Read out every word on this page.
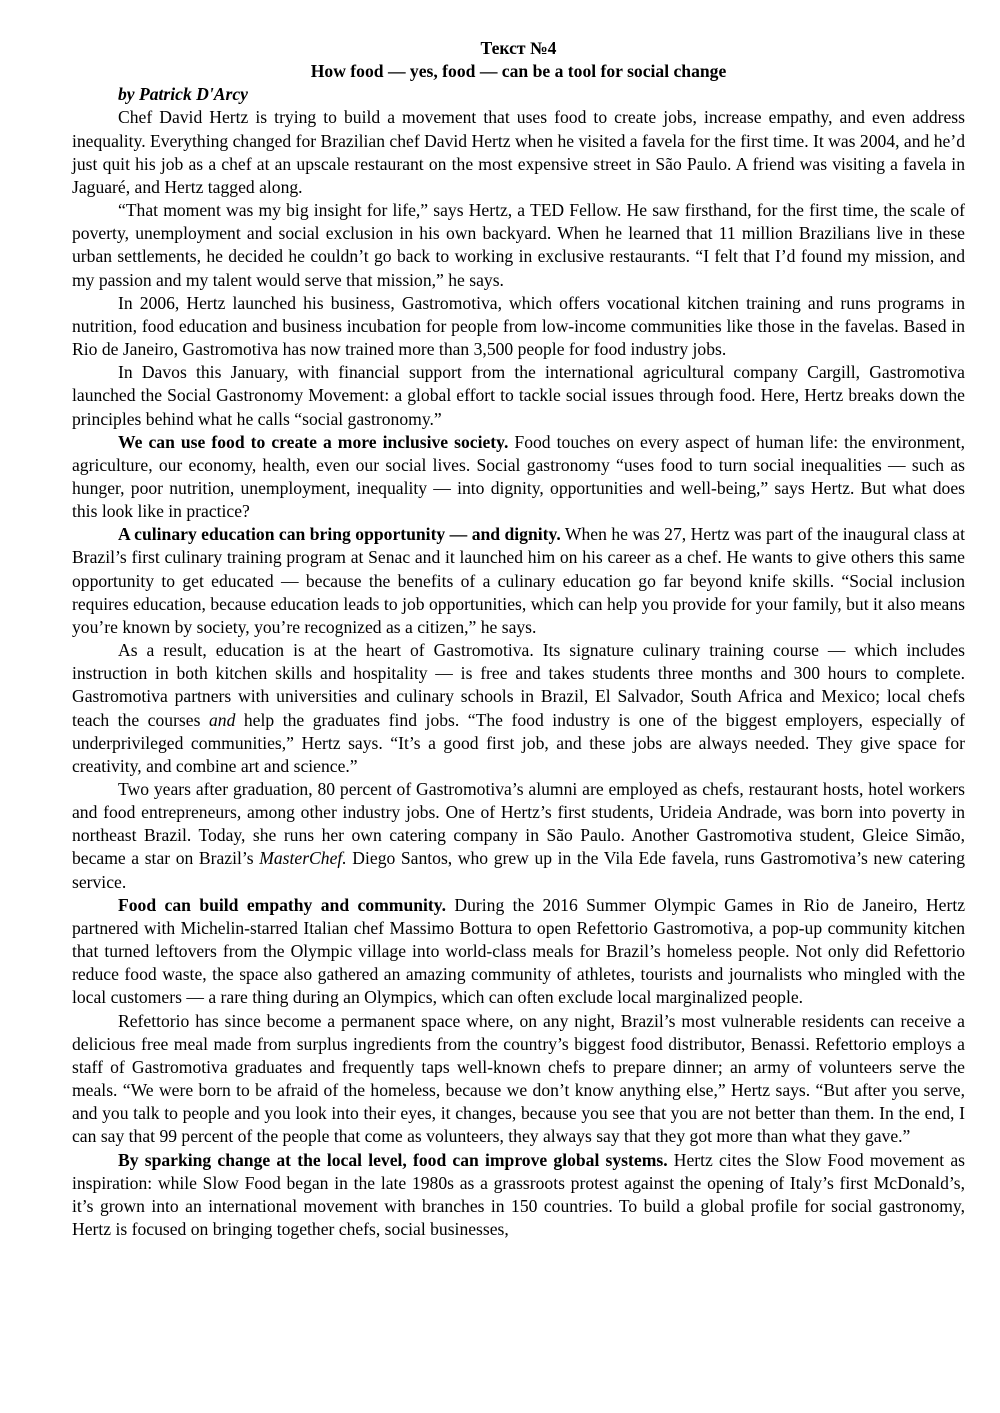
Текст №4

How food — yes, food — can be a tool for social change

by Patrick D'Arcy

Chef David Hertz is trying to build a movement that uses food to create jobs, increase empathy, and even address inequality. Everything changed for Brazilian chef David Hertz when he visited a favela for the first time. It was 2004, and he’d just quit his job as a chef at an upscale restaurant on the most expensive street in São Paulo. A friend was visiting a favela in Jaguaré, and Hertz tagged along.

“That moment was my big insight for life,” says Hertz, a TED Fellow. He saw firsthand, for the first time, the scale of poverty, unemployment and social exclusion in his own backyard. When he learned that 11 million Brazilians live in these urban settlements, he decided he couldn’t go back to working in exclusive restaurants. “I felt that I’d found my mission, and my passion and my talent would serve that mission,” he says.

In 2006, Hertz launched his business, Gastromotiva, which offers vocational kitchen training and runs programs in nutrition, food education and business incubation for people from low-income communities like those in the favelas. Based in Rio de Janeiro, Gastromotiva has now trained more than 3,500 people for food industry jobs.

In Davos this January, with financial support from the international agricultural company Cargill, Gastromotiva launched the Social Gastronomy Movement: a global effort to tackle social issues through food. Here, Hertz breaks down the principles behind what he calls “social gastronomy.”

We can use food to create a more inclusive society. Food touches on every aspect of human life: the environment, agriculture, our economy, health, even our social lives. Social gastronomy “uses food to turn social inequalities — such as hunger, poor nutrition, unemployment, inequality — into dignity, opportunities and well-being,” says Hertz. But what does this look like in practice?

A culinary education can bring opportunity — and dignity. When he was 27, Hertz was part of the inaugural class at Brazil’s first culinary training program at Senac and it launched him on his career as a chef. He wants to give others this same opportunity to get educated — because the benefits of a culinary education go far beyond knife skills. “Social inclusion requires education, because education leads to job opportunities, which can help you provide for your family, but it also means you’re known by society, you’re recognized as a citizen,” he says.

As a result, education is at the heart of Gastromotiva. Its signature culinary training course — which includes instruction in both kitchen skills and hospitality — is free and takes students three months and 300 hours to complete. Gastromotiva partners with universities and culinary schools in Brazil, El Salvador, South Africa and Mexico; local chefs teach the courses and help the graduates find jobs. “The food industry is one of the biggest employers, especially of underprivileged communities,” Hertz says. “It’s a good first job, and these jobs are always needed. They give space for creativity, and combine art and science.”

Two years after graduation, 80 percent of Gastromotiva’s alumni are employed as chefs, restaurant hosts, hotel workers and food entrepreneurs, among other industry jobs. One of Hertz’s first students, Urideia Andrade, was born into poverty in northeast Brazil. Today, she runs her own catering company in São Paulo. Another Gastromotiva student, Gleice Simão, became a star on Brazil’s MasterChef. Diego Santos, who grew up in the Vila Ede favela, runs Gastromotiva’s new catering service.

Food can build empathy and community. During the 2016 Summer Olympic Games in Rio de Janeiro, Hertz partnered with Michelin-starred Italian chef Massimo Bottura to open Refettorio Gastromotiva, a pop-up community kitchen that turned leftovers from the Olympic village into world-class meals for Brazil’s homeless people. Not only did Refettorio reduce food waste, the space also gathered an amazing community of athletes, tourists and journalists who mingled with the local customers — a rare thing during an Olympics, which can often exclude local marginalized people.

Refettorio has since become a permanent space where, on any night, Brazil’s most vulnerable residents can receive a delicious free meal made from surplus ingredients from the country’s biggest food distributor, Benassi. Refettorio employs a staff of Gastromotiva graduates and frequently taps well-known chefs to prepare dinner; an army of volunteers serve the meals. “We were born to be afraid of the homeless, because we don’t know anything else,” Hertz says. “But after you serve, and you talk to people and you look into their eyes, it changes, because you see that you are not better than them. In the end, I can say that 99 percent of the people that come as volunteers, they always say that they got more than what they gave.”

By sparking change at the local level, food can improve global systems. Hertz cites the Slow Food movement as inspiration: while Slow Food began in the late 1980s as a grassroots protest against the opening of Italy’s first McDonald’s, it’s grown into an international movement with branches in 150 countries. To build a global profile for social gastronomy, Hertz is focused on bringing together chefs, social businesses,
